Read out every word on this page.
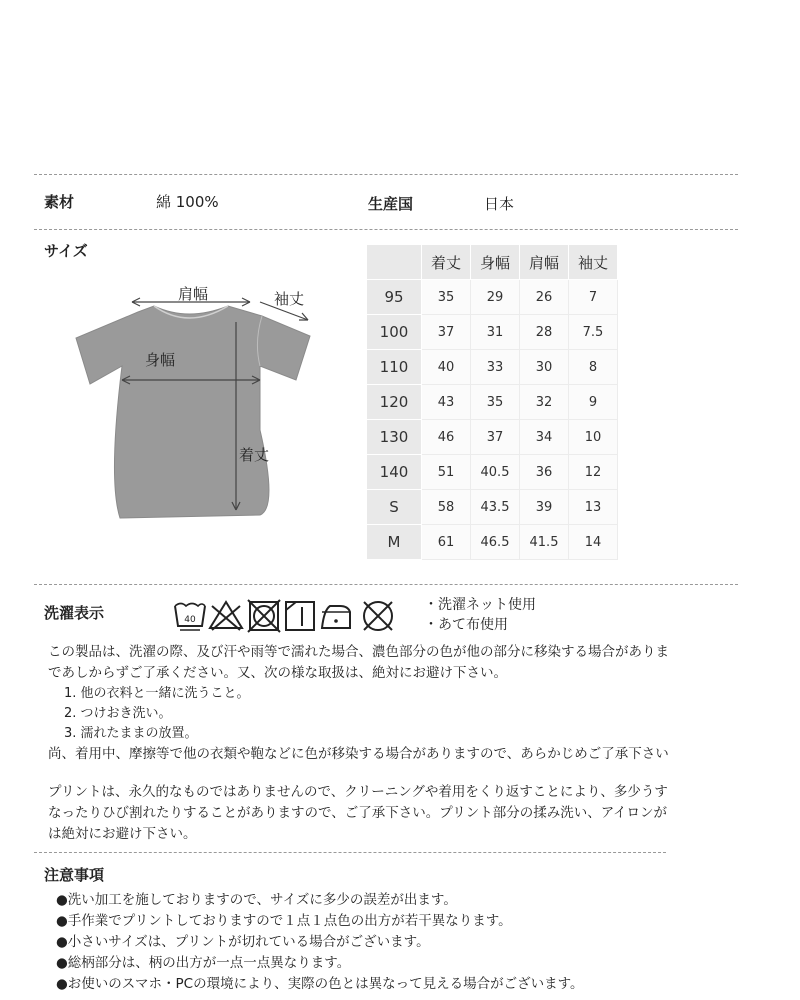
素材	綿 100%	生産国	日本
サイズ
肩幅	袖丈
身幅
着丈
	着丈	身幅	肩幅	袖丈
95	35	29	26	7
100	37	31	28	7.5
110	40	33	30	8
120	43	35	32	9
130	46	37	34	10
140	51	40.5	36	12
S	58	43.5	39	13
M	61	46.5	41.5	14
洗濯表示	40
・洗濯ネット使用
・あて布使用
この製品は、洗濯の際、及び汗や雨等で濡れた場合、濃色部分の色が他の部分に移染する場合がありま
であしからずご了承ください。又、次の様な取扱は、絶対にお避け下さい。
1. 他の衣料と一緒に洗うこと。
2. つけおき洗い。
3. 濡れたままの放置。
尚、着用中、摩擦等で他の衣類や鞄などに色が移染する場合がありますので、あらかじめご了承下さい
プリントは、永久的なものではありませんので、クリーニングや着用をくり返すことにより、多少うす
なったりひび割れたりすることがありますので、ご了承下さい。プリント部分の揉み洗い、アイロンが
は絶対にお避け下さい。
注意事項
●洗い加工を施しておりますので、サイズに多少の誤差が出ます。
●手作業でプリントしておりますので１点１点色の出方が若干異なります。
●小さいサイズは、プリントが切れている場合がございます。
●総柄部分は、柄の出方が一点一点異なります。
●お使いのスマホ・PCの環境により、実際の色とは異なって見える場合がございます。
